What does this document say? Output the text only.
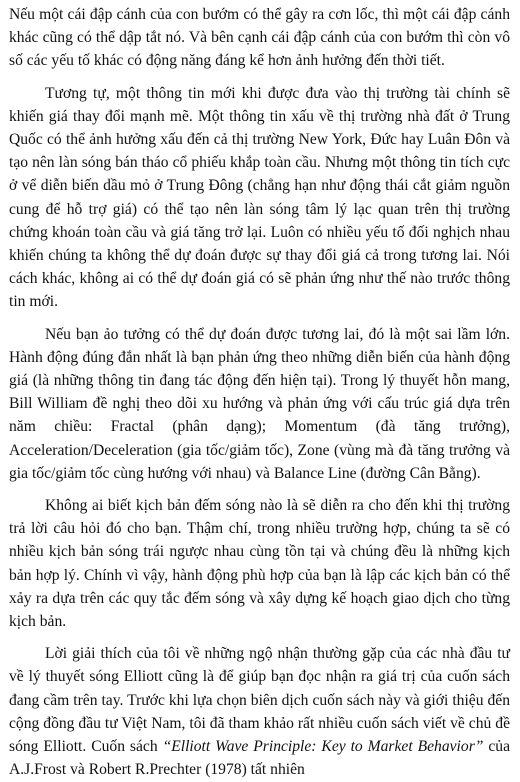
Nếu một cái đập cánh của con bướm có thể gây ra cơn lốc, thì một cái đập cánh khác cũng có thể dập tắt nó. Và bên cạnh cái đập cánh của con bướm thì còn vô số các yếu tố khác có động năng đáng kể hơn ảnh hưởng đến thời tiết.

Tương tự, một thông tin mới khi được đưa vào thị trường tài chính sẽ khiến giá thay đổi mạnh mẽ. Một thông tin xấu về thị trường nhà đất ở Trung Quốc có thể ảnh hưởng xấu đến cả thị trường New York, Đức hay Luân Đôn và tạo nên làn sóng bán tháo cổ phiếu khắp toàn cầu. Nhưng một thông tin tích cực ở vể diễn biến dầu mỏ ở Trung Đông (chẳng hạn như động thái cắt giảm nguồn cung để hỗ trợ giá) có thể tạo nên làn sóng tâm lý lạc quan trên thị trường chứng khoán toàn cầu và giá tăng trở lại. Luôn có nhiều yếu tố đối nghịch nhau khiến chúng ta không thể dự đoán được sự thay đổi giá cả trong tương lai. Nói cách khác, không ai có thể dự đoán giá có sẽ phản ứng như thế nào trước thông tin mới.

Nếu bạn ảo tưởng có thể dự đoán được tương lai, đó là một sai lầm lớn. Hành động đúng đắn nhất là bạn phản ứng theo những diễn biến của hành động giá (là những thông tin đang tác động đến hiện tại). Trong lý thuyết hỗn mang, Bill William đề nghị theo dõi xu hướng và phản ứng với cấu trúc giá dựa trên năm chiều: Fractal (phân dạng); Momentum (đà tăng trưởng), Acceleration/Deceleration (gia tốc/giảm tốc), Zone (vùng mà đà tăng trưởng và gia tốc/giảm tốc cùng hướng với nhau) và Balance Line (đường Cân Bằng).

Không ai biết kịch bản đếm sóng nào là sẽ diễn ra cho đến khi thị trường trả lời câu hỏi đó cho bạn. Thậm chí, trong nhiều trường hợp, chúng ta sẽ có nhiều kịch bản sóng trái ngược nhau cùng tồn tại và chúng đều là những kịch bản hợp lý. Chính vì vậy, hành động phù hợp của bạn là lập các kịch bản có thể xảy ra dựa trên các quy tắc đếm sóng và xây dựng kế hoạch giao dịch cho từng kịch bản.

Lời giải thích của tôi về những ngộ nhận thường gặp của các nhà đầu tư về lý thuyết sóng Elliott cũng là để giúp bạn đọc nhận ra giá trị của cuốn sách đang cầm trên tay. Trước khi lựa chọn biên dịch cuốn sách này và giới thiệu đến cộng đồng đầu tư Việt Nam, tôi đã tham khảo rất nhiều cuốn sách viết về chủ đề sóng Elliott. Cuốn sách “Elliott Wave Principle: Key to Market Behavior” của A.J.Frost và Robert R.Prechter (1978) tất nhiên
